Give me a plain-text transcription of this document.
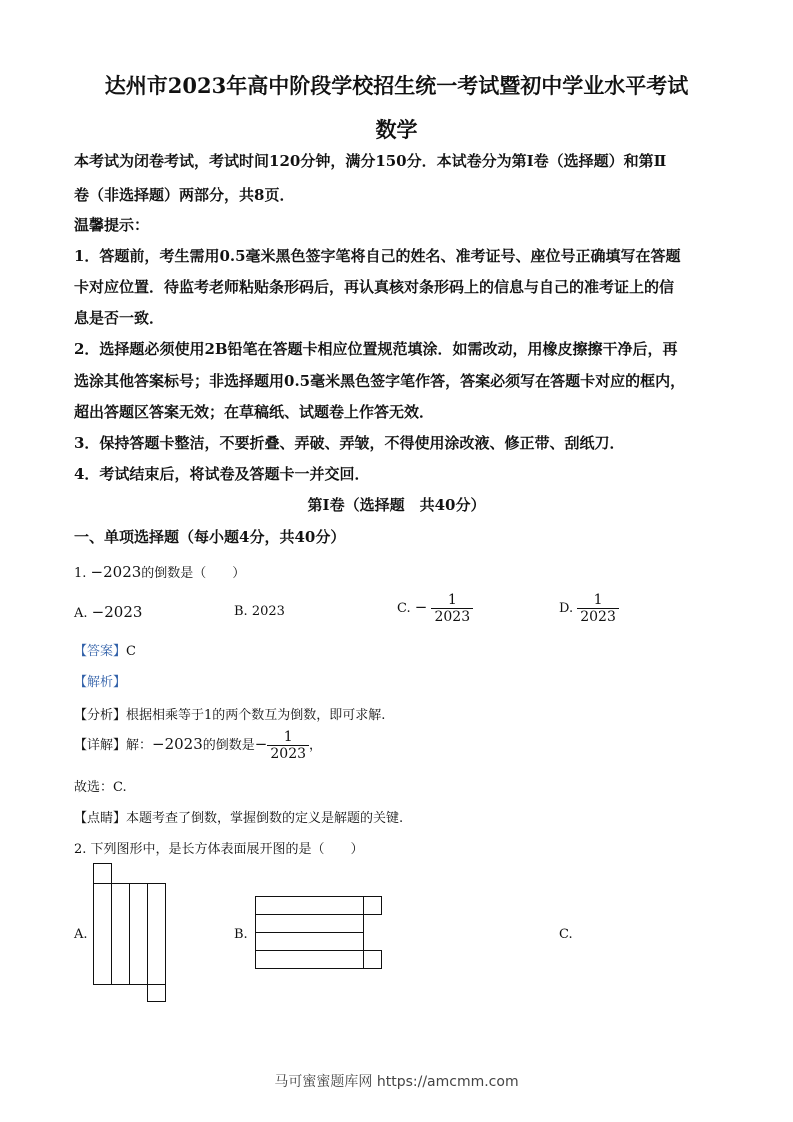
达州市2023年高中阶段学校招生统一考试暨初中学业水平考试
数学
本考试为闭卷考试，考试时间120分钟，满分150分．本试卷分为第Ⅰ卷（选择题）和第Ⅱ
卷（非选择题）两部分，共8页．
温馨提示：
1．答题前，考生需用0.5毫米黑色签字笔将自己的姓名、准考证号、座位号正确填写在答题
卡对应位置．待监考老师粘贴条形码后，再认真核对条形码上的信息与自己的准考证上的信
息是否一致．
2．选择题必须使用2B铅笔在答题卡相应位置规范填涂．如需改动，用橡皮擦擦干净后，再
选涂其他答案标号；非选择题用0.5毫米黑色签字笔作答，答案必须写在答题卡对应的框内，
超出答题区答案无效；在草稿纸、试题卷上作答无效．
3．保持答题卡整洁，不要折叠、弄破、弄皱，不得使用涂改液、修正带、刮纸刀．
4．考试结束后，将试卷及答题卡一并交回．
第Ⅰ卷（选择题　共40分）
一、单项选择题（每小题4分，共40分）
1. −2023的倒数是（　　）
A. −2023	B. 2023	C. − $\frac{1}{2023}$	D. $\frac{1}{2023}$
【答案】C
【解析】
【分析】根据相乘等于1的两个数互为倒数，即可求解.
【详解】解：−2023的倒数是− $\frac{1}{2023}$ ，
故选：C.
【点睛】本题考查了倒数，掌握倒数的定义是解题的关键.
2. 下列图形中，是长方体表面展开图的是（　　）
A.	B.	C.
马可蜜蜜题库网 https://amcmm.com
